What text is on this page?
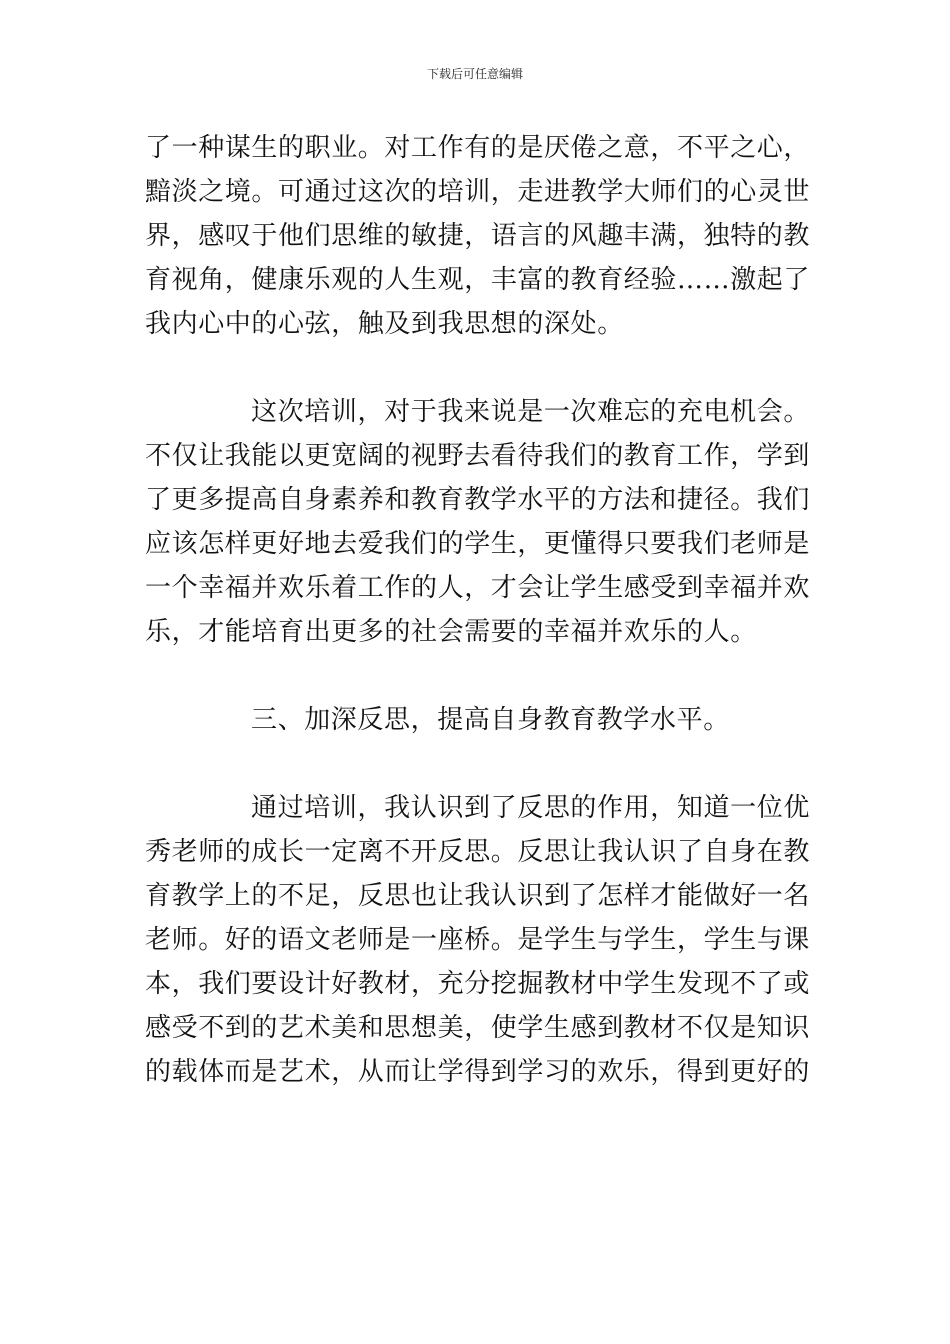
下载后可任意编辑

了一种谋生的职业。对工作有的是厌倦之意，不平之心，黯淡之境。可通过这次的培训，走进教学大师们的心灵世界，感叹于他们思维的敏捷，语言的风趣丰满，独特的教育视角，健康乐观的人生观，丰富的教育经验……激起了我内心中的心弦，触及到我思想的深处。

这次培训，对于我来说是一次难忘的充电机会。不仅让我能以更宽阔的视野去看待我们的教育工作，学到了更多提高自身素养和教育教学水平的方法和捷径。我们应该怎样更好地去爱我们的学生，更懂得只要我们老师是一个幸福并欢乐着工作的人，才会让学生感受到幸福并欢乐，才能培育出更多的社会需要的幸福并欢乐的人。

三、加深反思，提高自身教育教学水平。

通过培训，我认识到了反思的作用，知道一位优秀老师的成长一定离不开反思。反思让我认识了自身在教育教学上的不足，反思也让我认识到了怎样才能做好一名老师。好的语文老师是一座桥。是学生与学生，学生与课本，我们要设计好教材，充分挖掘教材中学生发现不了或感受不到的艺术美和思想美，使学生感到教材不仅是知识的载体而是艺术，从而让学得到学习的欢乐，得到更好的
